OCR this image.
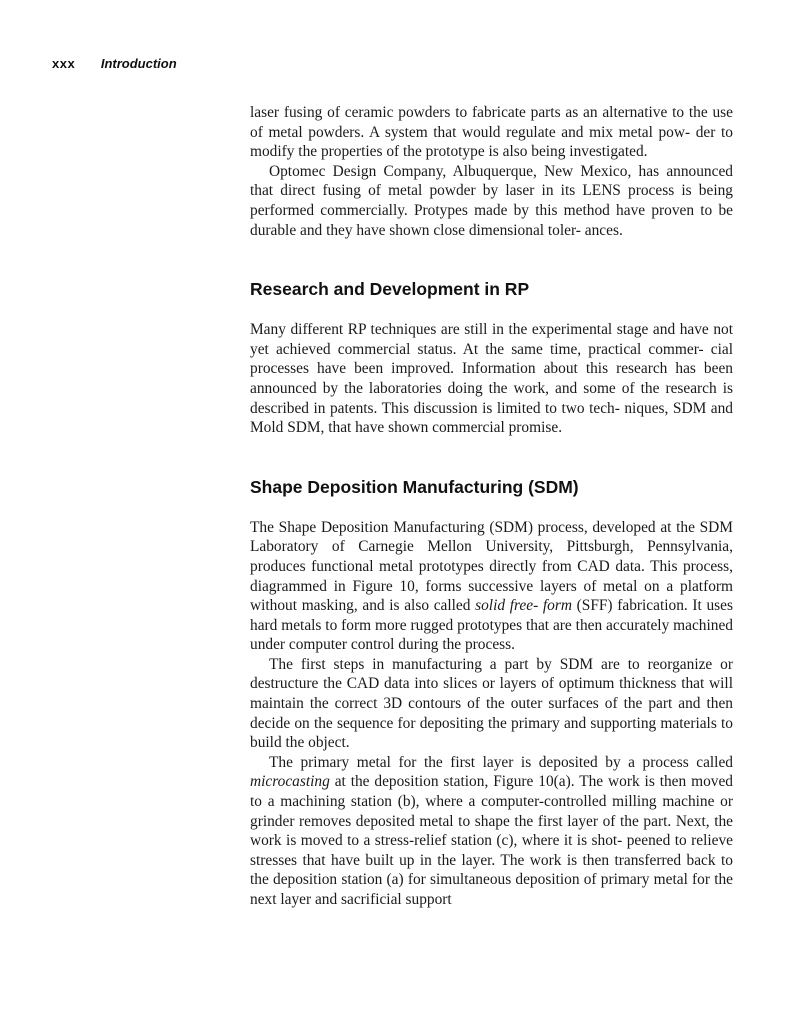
xxx Introduction

laser fusing of ceramic powders to fabricate parts as an alternative to the use of metal powders. A system that would regulate and mix metal pow- der to modify the properties of the prototype is also being investigated.

Optomec Design Company, Albuquerque, New Mexico, has announced that direct fusing of metal powder by laser in its LENS process is being performed commercially. Protypes made by this method have proven to be durable and they have shown close dimensional toler- ances.

Research and Development in RP

Many different RP techniques are still in the experimental stage and have not yet achieved commercial status. At the same time, practical commer- cial processes have been improved. Information about this research has been announced by the laboratories doing the work, and some of the research is described in patents. This discussion is limited to two tech- niques, SDM and Mold SDM, that have shown commercial promise.

Shape Deposition Manufacturing (SDM)

The Shape Deposition Manufacturing (SDM) process, developed at the SDM Laboratory of Carnegie Mellon University, Pittsburgh, Pennsylvania, produces functional metal prototypes directly from CAD data. This process, diagrammed in Figure 10, forms successive layers of metal on a platform without masking, and is also called solid free- form (SFF) fabrication. It uses hard metals to form more rugged prototypes that are then accurately machined under computer control during the process.

The first steps in manufacturing a part by SDM are to reorganize or destructure the CAD data into slices or layers of optimum thickness that will maintain the correct 3D contours of the outer surfaces of the part and then decide on the sequence for depositing the primary and supporting materials to build the object.

The primary metal for the first layer is deposited by a process called microcasting at the deposition station, Figure 10(a). The work is then moved to a machining station (b), where a computer-controlled milling machine or grinder removes deposited metal to shape the first layer of the part. Next, the work is moved to a stress-relief station (c), where it is shot- peened to relieve stresses that have built up in the layer. The work is then transferred back to the deposition station (a) for simultaneous deposition of primary metal for the next layer and sacrificial support
